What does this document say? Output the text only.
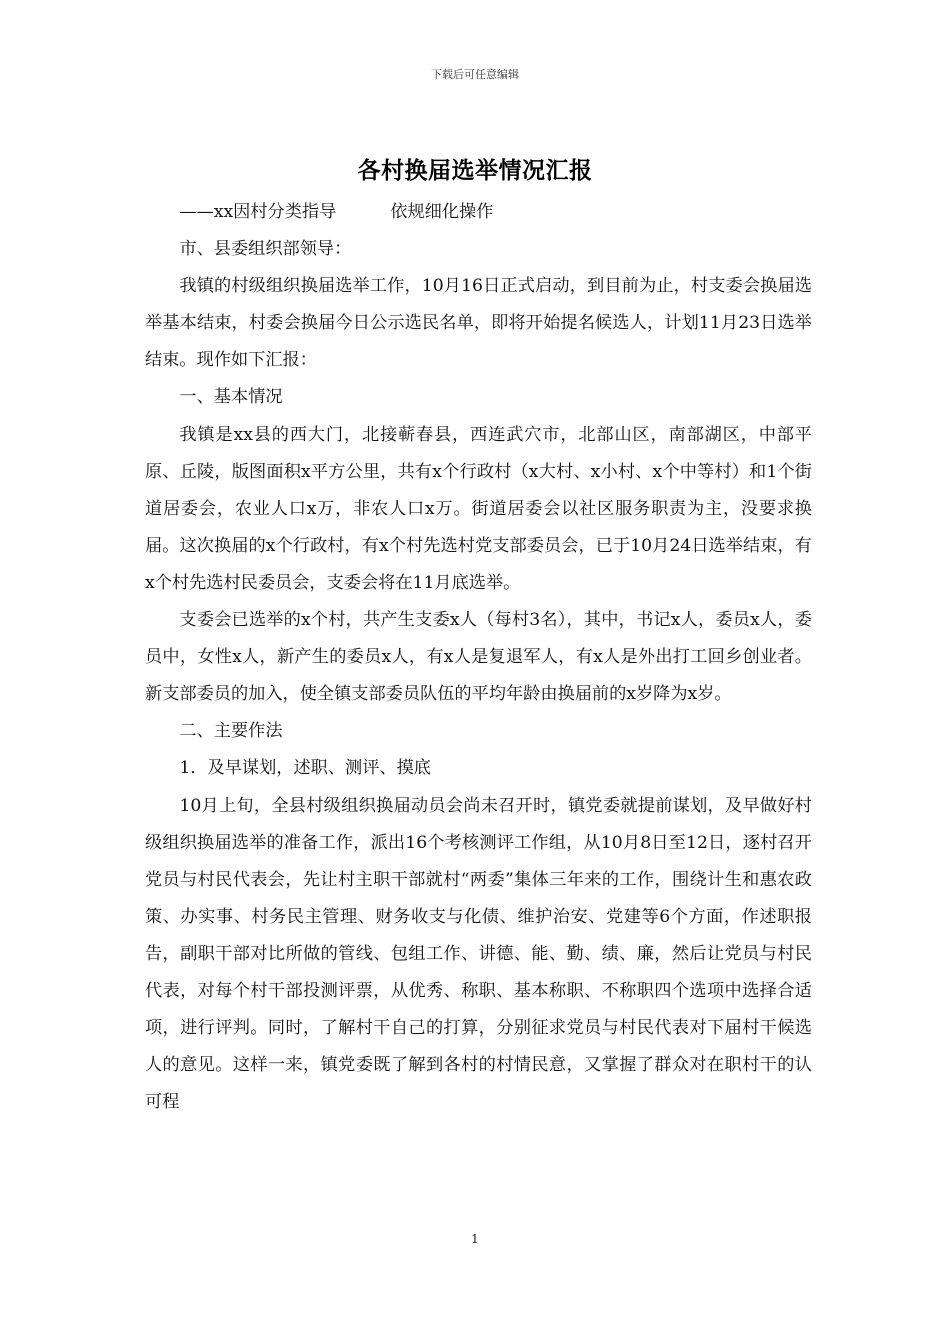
下载后可任意编辑
各村换届选举情况汇报

——xx因村分类指导	依规细化操作

市、县委组织部领导：

我镇的村级组织换届选举工作，10月16日正式启动，到目前为止，村支委会换届选举基本结束，村委会换届今日公示选民名单，即将开始提名候选人，计划11月23日选举结束。现作如下汇报：

一、基本情况

我镇是xx县的西大门，北接蕲春县，西连武穴市，北部山区，南部湖区，中部平原、丘陵，版图面积x平方公里，共有x个行政村（x大村、x小村、x个中等村）和1个街道居委会，农业人口x万，非农人口x万。街道居委会以社区服务职责为主，没要求换届。这次换届的x个行政村，有x个村先选村党支部委员会，已于10月24日选举结束，有x个村先选村民委员会，支委会将在11月底选举。

支委会已选举的x个村，共产生支委x人（每村3名），其中，书记x人，委员x人，委员中，女性x人，新产生的委员x人，有x人是复退军人，有x人是外出打工回乡创业者。新支部委员的加入，使全镇支部委员队伍的平均年龄由换届前的x岁降为x岁。

二、主要作法

1．及早谋划，述职、测评、摸底

10月上旬，全县村级组织换届动员会尚未召开时，镇党委就提前谋划，及早做好村级组织换届选举的准备工作，派出16个考核测评工作组，从10月8日至12日，逐村召开党员与村民代表会，先让村主职干部就村“两委”集体三年来的工作，围绕计生和惠农政策、办实事、村务民主管理、财务收支与化债、维护治安、党建等6个方面，作述职报告，副职干部对比所做的管线、包组工作、讲德、能、勤、绩、廉，然后让党员与村民代表，对每个村干部投测评票，从优秀、称职、基本称职、不称职四个选项中选择合适项，进行评判。同时，了解村干自己的打算，分别征求党员与村民代表对下届村干候选人的意见。这样一来，镇党委既了解到各村的村情民意，又掌握了群众对在职村干的认可程

1
